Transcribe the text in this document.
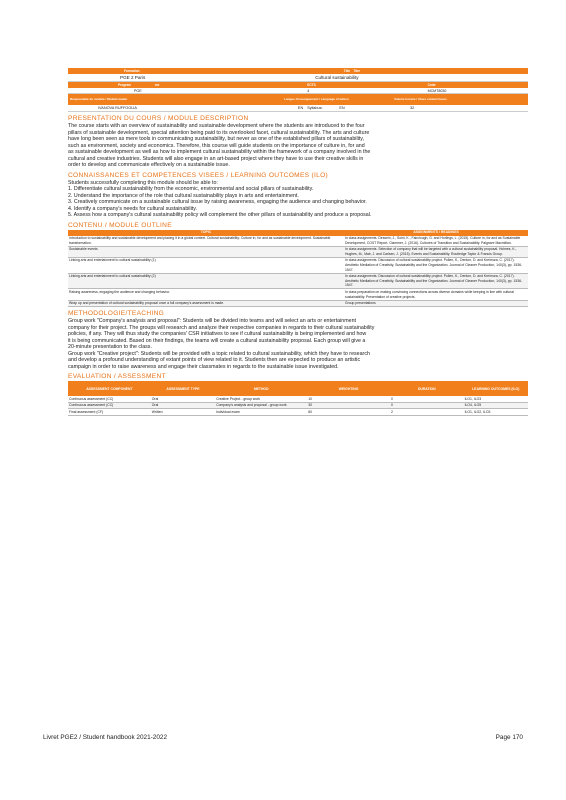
Formation	Title Titre
PGE 2 Paris	Cultural sustainability
Program	me	ECTS	Code
PGE	4	MCMT8030
Responsable du module / Module leader	Langue d'enseignement / Language of tuition	Volume horaire / Class contact hours
IVANOVA RUFFOGLIA	EN	Syllabus:	EN	32
PRESENTATION DU COURS / MODULE DESCRIPTION
The course starts with an overview of sustainability and sustainable development where the students are introduced to the four
pillars of sustainable development, special attention being paid to its overlooked facet, cultural sustainability. The arts and culture
have long been seen as mere tools in communicating sustainability, but never as one of the established pillars of sustainability,
such as environment, society and economics. Therefore, this course will guide students on the importance of culture in, for and
as sustainable development as well as how to implement cultural sustainability within the framework of a company involved in the
cultural and creative industries. Students will also engage in an art-based project where they have to use their creative skills in
order to develop and communicate effectively on a sustainable issue.
CONNAISSANCES ET COMPETENCES VISEES / LEARNING OUTCOMES (ILO)
Students successfully completing this module should be able to:
1. Differentiate cultural sustainability from the economic, environmental and social pillars of sustainability.
2. Understand the importance of the role that cultural sustainability plays in arts and entertainment.
3. Creatively communicate on a sustainable cultural issue by raising awareness, engaging the audience and changing behavior.
4. Identify a company's needs for cultural sustainability.
5. Assess how a company's cultural sustainability policy will complement the other pillars of sustainability and produce a proposal.
CONTENU / MODULE OUTLINE
TOPIC	ASSIGNMENTS / READINGS
Introduction to sustainability and sustainable development and placing it in a global context. Cultural sustainability: Culture in, for and as sustainable development. Sustainable transformation.	In class assignments. Dessein, J., Soini, K., Fairclough, G. and Horlings, L. (2015). Culture in, for and as Sustainable Development, COST Report. Clammer, J. (2016). Cultures of Transition and Sustainability. Palgrave Macmillan.
Sustainable events	In class assignments. Selection of company that will be targeted with a cultural sustainability proposal. Holmes, K., Hughes, M., Mair, J. and Carlsen, J. (2015). Events and Sustainability. Routledge Taylor & Francis Group.
Linking arts and entertainment to cultural sustainability (1)	In class assignments. Discussion of cultural sustainability project. Pollen, K., Denton, D. and Kreimura, C. (2017). Aesthetic Mediation of Creativity, Sustainability and the Organization. Journal of Cleaner Production, 140(3), pp. 1536-1547.
Linking arts and entertainment to cultural sustainability (2)	In class assignments. Discussion of cultural sustainability project. Pollen, K., Denton, D. and Kreimura, C. (2017). Aesthetic Mediation of Creativity, Sustainability and the Organization. Journal of Cleaner Production, 140(3), pp. 1536-1547.
Raising awareness, engaging the audience and changing behavior.	In class preparation on making convincing connections across diverse domains while keeping in line with cultural sustainability. Presentation of creative projects.
Wrap up and presentation of cultural sustainability proposal once a full company's assessment is made.	Group presentations
METHODOLOGIE/TEACHING
Group work "Company's analysis and proposal": Students will be divided into teams and will select an arts or entertainment
company for their project. The groups will research and analyze their respective companies in regards to their cultural sustainability
policies, if any. They will thus study the companies' CSR initiatives to see if cultural sustainability is being implemented and how
it is being communicated. Based on their findings, the teams will create a cultural sustainability proposal. Each group will give a
20-minute presentation to the class.
Group work "Creative project": Students will be provided with a topic related to cultural sustainability, which they have to research
and develop a profound understanding of extant points of view related to it. Students then are expected to produce an artistic
campaign in order to raise awareness and engage their classmates in regards to the sustainable issue investigated.
EVALUATION / ASSESSMENT
ASSESSMENT COMPONENT	ASSESSMENT TYPE	METHOD	WEIGHTING	DURATION	LEARNING OUTCOMES (ILO)
Continuous assessment (CC)	Oral	Creative Project - group work	10	0	ILO1, ILO3
Continuous assessment (CC)	Oral	Company's analysis and proposal - group work	30	0	ILO4, ILO5
Final assessment (CF)	Written	Individual exam	60	2	ILO1, ILO2, ILO3
Livret PGE2 / Student handbook 2021-2022	Page 170
